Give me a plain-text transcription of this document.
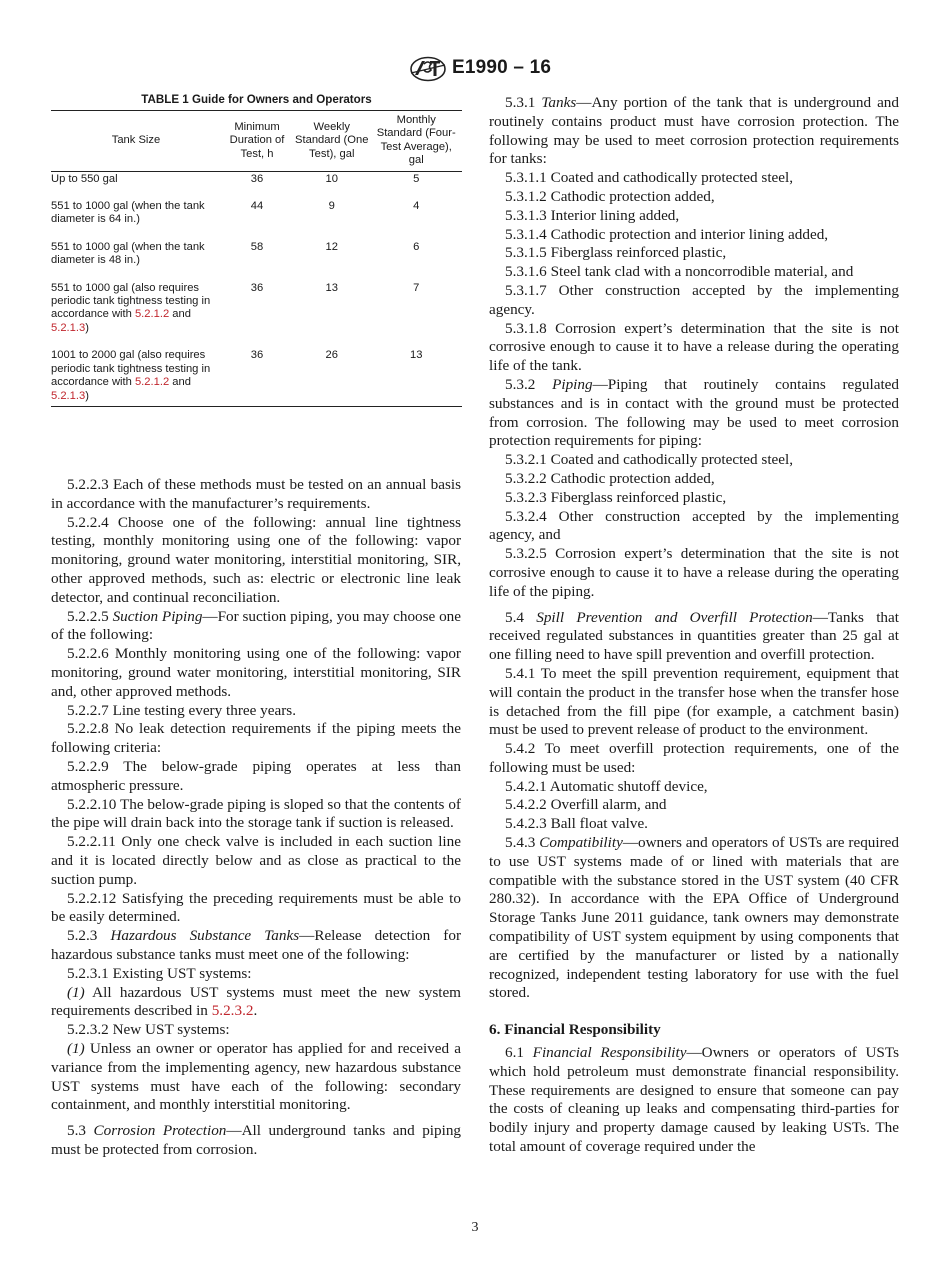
E1990 – 16
TABLE 1 Guide for Owners and Operators
Tank Size	Minimum Duration of Test, h	Weekly Standard (One Test), gal	Monthly Standard (Four-Test Average), gal
Up to 550 gal	36	10	5
551 to 1000 gal (when the tank diameter is 64 in.)	44	9	4
551 to 1000 gal (when the tank diameter is 48 in.)	58	12	6
551 to 1000 gal (also requires periodic tank tightness testing in accordance with 5.2.1.2 and 5.2.1.3)	36	13	7
1001 to 2000 gal (also requires periodic tank tightness testing in accordance with 5.2.1.2 and 5.2.1.3)	36	26	13

5.2.2.3 Each of these methods must be tested on an annual basis in accordance with the manufacturer’s requirements.

5.2.2.4 Choose one of the following: annual line tightness testing, monthly monitoring using one of the following: vapor monitoring, ground water monitoring, interstitial monitoring, SIR, other approved methods, such as: electric or electronic line leak detector, and continual reconciliation.

5.2.2.5 Suction Piping—For suction piping, you may choose one of the following:

5.2.2.6 Monthly monitoring using one of the following: vapor monitoring, ground water monitoring, interstitial monitoring, SIR and, other approved methods.

5.2.2.7 Line testing every three years.

5.2.2.8 No leak detection requirements if the piping meets the following criteria:

5.2.2.9 The below-grade piping operates at less than atmospheric pressure.

5.2.2.10 The below-grade piping is sloped so that the contents of the pipe will drain back into the storage tank if suction is released.

5.2.2.11 Only one check valve is included in each suction line and it is located directly below and as close as practical to the suction pump.

5.2.2.12 Satisfying the preceding requirements must be able to be easily determined.

5.2.3 Hazardous Substance Tanks—Release detection for hazardous substance tanks must meet one of the following:

5.2.3.1 Existing UST systems:

(1) All hazardous UST systems must meet the new system requirements described in 5.2.3.2.

5.2.3.2 New UST systems:

(1) Unless an owner or operator has applied for and received a variance from the implementing agency, new hazardous substance UST systems must have each of the following: secondary containment, and monthly interstitial monitoring.

5.3 Corrosion Protection—All underground tanks and piping must be protected from corrosion.

5.3.1 Tanks—Any portion of the tank that is underground and routinely contains product must have corrosion protection. The following may be used to meet corrosion protection requirements for tanks:

5.3.1.1 Coated and cathodically protected steel,

5.3.1.2 Cathodic protection added,

5.3.1.3 Interior lining added,

5.3.1.4 Cathodic protection and interior lining added,

5.3.1.5 Fiberglass reinforced plastic,

5.3.1.6 Steel tank clad with a noncorrodible material, and

5.3.1.7 Other construction accepted by the implementing agency.

5.3.1.8 Corrosion expert’s determination that the site is not corrosive enough to cause it to have a release during the operating life of the tank.

5.3.2 Piping—Piping that routinely contains regulated substances and is in contact with the ground must be protected from corrosion. The following may be used to meet corrosion protection requirements for piping:

5.3.2.1 Coated and cathodically protected steel,

5.3.2.2 Cathodic protection added,

5.3.2.3 Fiberglass reinforced plastic,

5.3.2.4 Other construction accepted by the implementing agency, and

5.3.2.5 Corrosion expert’s determination that the site is not corrosive enough to cause it to have a release during the operating life of the piping.

5.4 Spill Prevention and Overfill Protection—Tanks that received regulated substances in quantities greater than 25 gal at one filling need to have spill prevention and overfill protection.

5.4.1 To meet the spill prevention requirement, equipment that will contain the product in the transfer hose when the transfer hose is detached from the fill pipe (for example, a catchment basin) must be used to prevent release of product to the environment.

5.4.2 To meet overfill protection requirements, one of the following must be used:

5.4.2.1 Automatic shutoff device,

5.4.2.2 Overfill alarm, and

5.4.2.3 Ball float valve.

5.4.3 Compatibility—owners and operators of USTs are required to use UST systems made of or lined with materials that are compatible with the substance stored in the UST system (40 CFR 280.32). In accordance with the EPA Office of Underground Storage Tanks June 2011 guidance, tank owners may demonstrate compatibility of UST system equipment by using components that are certified by the manufacturer or listed by a nationally recognized, independent testing laboratory for use with the fuel stored.

6. Financial Responsibility

6.1 Financial Responsibility—Owners or operators of USTs which hold petroleum must demonstrate financial responsibility. These requirements are designed to ensure that someone can pay the costs of cleaning up leaks and compensating third-parties for bodily injury and property damage caused by leaking USTs. The total amount of coverage required under the

3
